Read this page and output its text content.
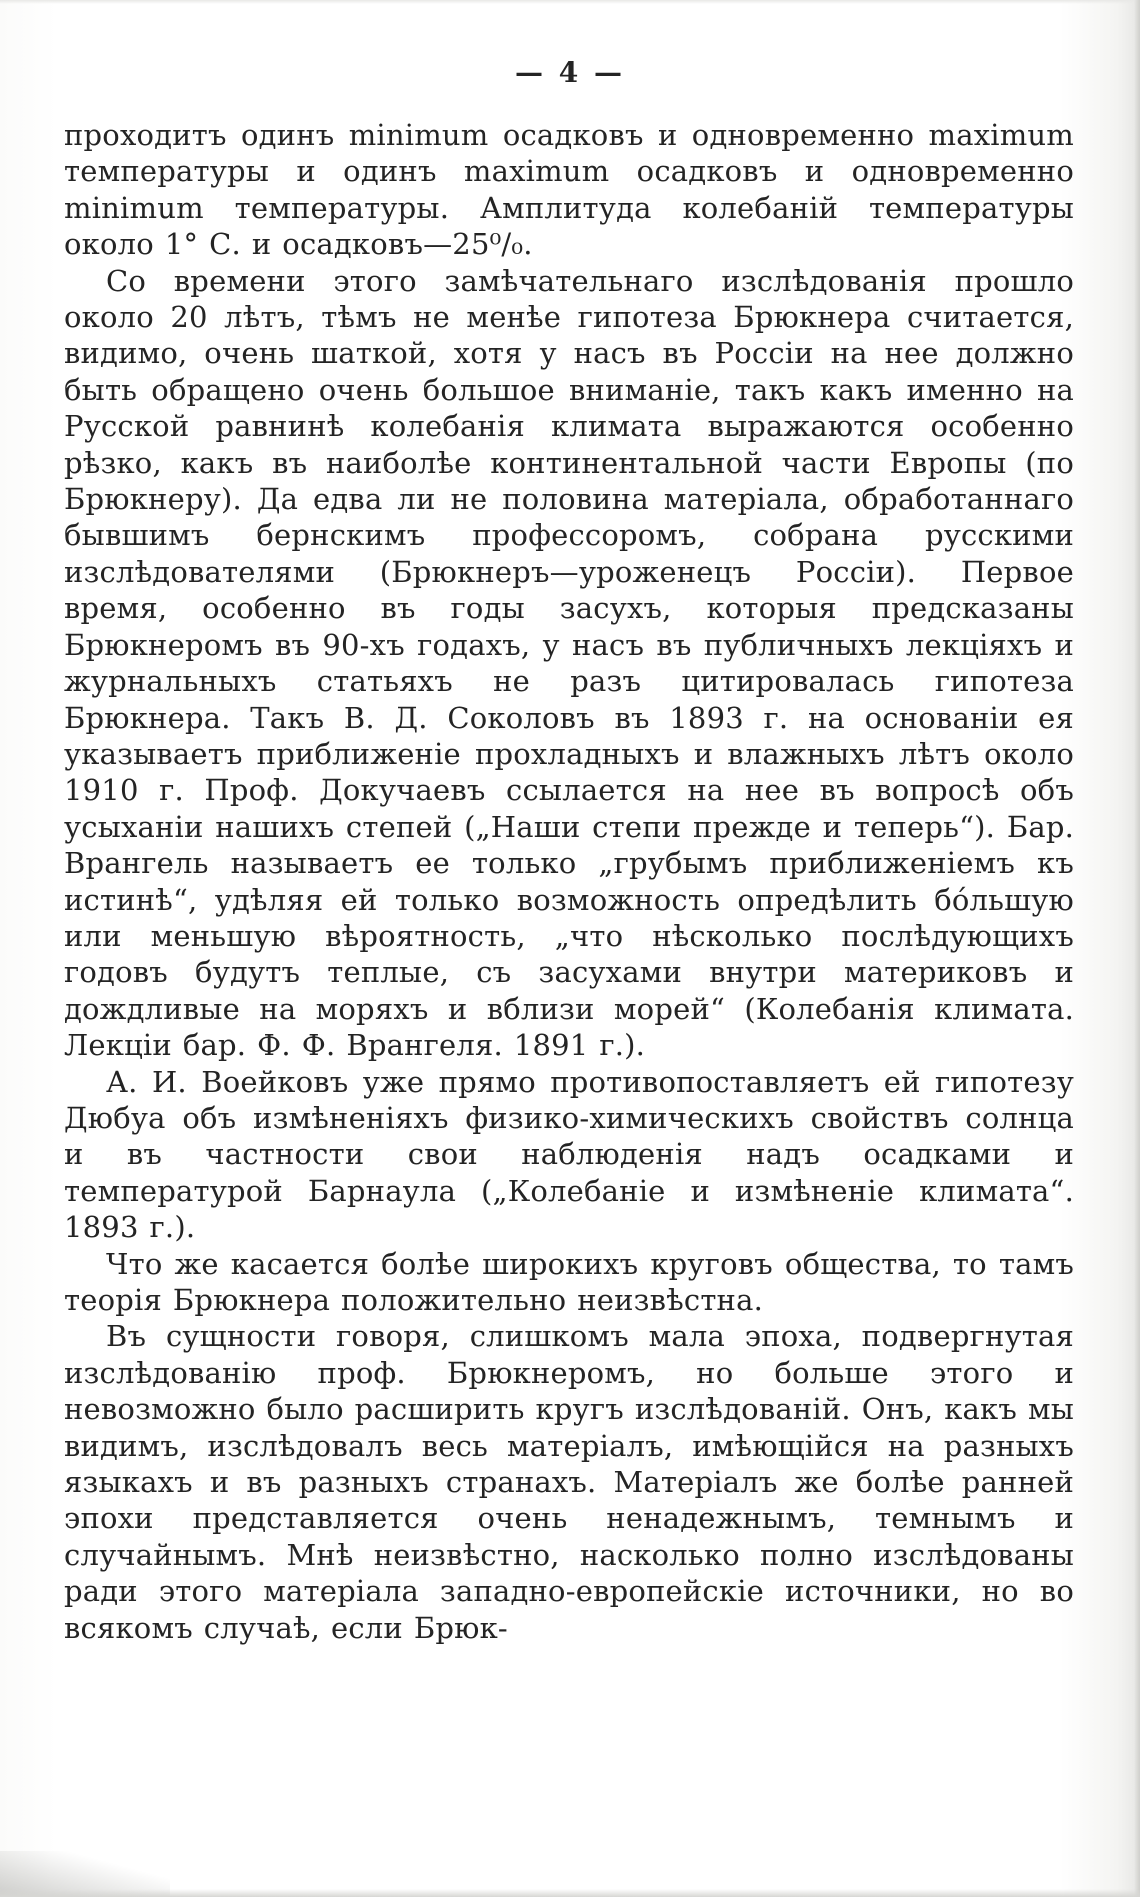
— 4 —

проходитъ одинъ minimum осадковъ и одновременно maximum температуры и одинъ maximum осадковъ и одновременно minimum температуры. Амплитуда колебаній температуры около 1° С. и осадковъ—25⁰/₀.

Со времени этого замѣчательнаго изслѣдованія прошло около 20 лѣтъ, тѣмъ не менѣе гипотеза Брюкнера считается, видимо, очень шаткой, хотя у насъ въ Россіи на нее должно быть обращено очень большое вниманіе, такъ какъ именно на Русской равнинѣ колебанія климата выражаются особенно рѣзко, какъ въ наиболѣе континентальной части Европы (по Брюкнеру). Да едва ли не половина матеріала, обработаннаго бывшимъ бернскимъ профессоромъ, собрана русскими изслѣдователями (Брюкнеръ—уроженецъ Россіи). Первое время, особенно въ годы засухъ, которыя предсказаны Брюкнеромъ въ 90-хъ годахъ, у насъ въ публичныхъ лекціяхъ и журнальныхъ статьяхъ не разъ цитировалась гипотеза Брюкнера. Такъ В. Д. Соколовъ въ 1893 г. на основаніи ея указываетъ приближеніе прохладныхъ и влажныхъ лѣтъ около 1910 г. Проф. Докучаевъ ссылается на нее въ вопросѣ объ усыханіи нашихъ степей („Наши степи прежде и теперь“). Бар. Врангель называетъ ее только „грубымъ приближеніемъ къ истинѣ“, удѣляя ей только возможность опредѣлить бо́льшую или меньшую вѣроятность, „что нѣсколько послѣдующихъ годовъ будутъ теплые, съ засухами внутри материковъ и дождливые на моряхъ и вблизи морей“ (Колебанія климата. Лекціи бар. Ф. Ф. Врангеля. 1891 г.).

А. И. Воейковъ уже прямо противопоставляетъ ей гипотезу Дюбуа объ измѣненіяхъ физико-химическихъ свойствъ солнца и въ частности свои наблюденія надъ осадками и температурой Барнаула („Колебаніе и измѣненіе климата“. 1893 г.).

Что же касается болѣе широкихъ круговъ общества, то тамъ теорія Брюкнера положительно неизвѣстна.

Въ сущности говоря, слишкомъ мала эпоха, подвергнутая изслѣдованію проф. Брюкнеромъ, но больше этого и невозможно было расширить кругъ изслѣдованій. Онъ, какъ мы видимъ, изслѣдовалъ весь матеріалъ, имѣющійся на разныхъ языкахъ и въ разныхъ странахъ. Матеріалъ же болѣе ранней эпохи представляется очень ненадежнымъ, темнымъ и случайнымъ. Мнѣ неизвѣстно, насколько полно изслѣдованы ради этого матеріала западно-европейскіе источники, но во всякомъ случаѣ, если Брюк-
